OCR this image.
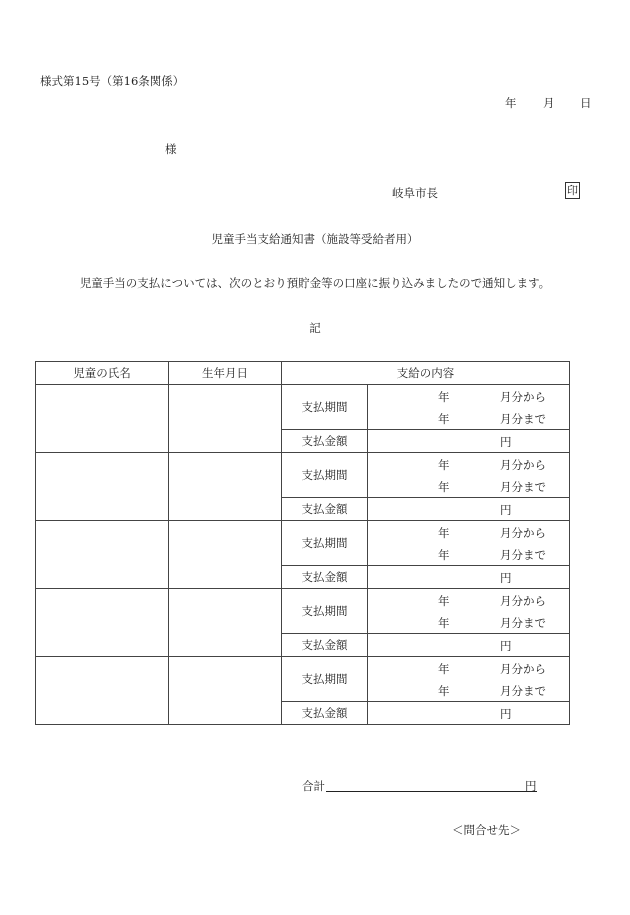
様式第15号（第16条関係）
年 月 日
様
岐阜市長	印
児童手当支給通知書（施設等受給者用）
児童手当の支払については、次のとおり預貯金等の口座に振り込みましたので通知します。
記
児童の氏名	生年月日	支給の内容	
		支払期間	年 月分から
年 月分まで

		支払金額	円

		支払期間	年 月分から
年 月分まで

		支払金額	円

		支払期間	年 月分から
年 月分まで

		支払金額	円

		支払期間	年 月分から
年 月分まで

		支払金額	円

		支払期間	年 月分から
年 月分まで

		支払金額	円
合計	円
＜問合せ先＞
